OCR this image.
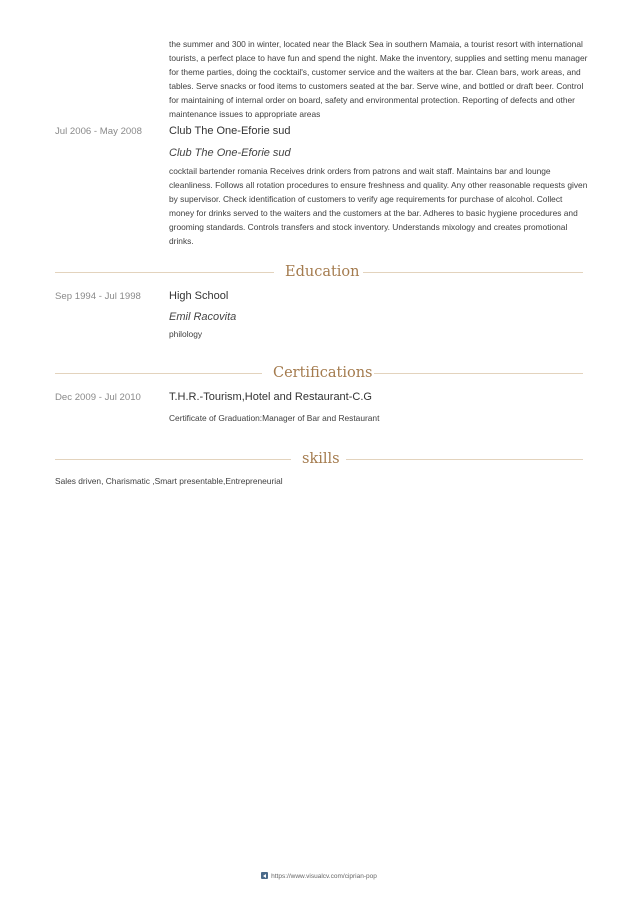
the summer and 300 in winter, located near the Black Sea in southern Mamaia, a tourist resort with international tourists, a perfect place to have fun and spend the night. Make the inventory, supplies and setting menu manager for theme parties, doing the cocktail's, customer service and the waiters at the bar. Clean bars, work areas, and tables. Serve snacks or food items to customers seated at the bar. Serve wine, and bottled or draft beer. Control for maintaining of internal order on board, safety and environmental protection. Reporting of defects and other maintenance issues to appropriate areas
Jul 2006 - May 2008 Club The One-Eforie sud
Club The One-Eforie sud
cocktail bartender romania Receives drink orders from patrons and wait staff. Maintains bar and lounge cleanliness. Follows all rotation procedures to ensure freshness and quality. Any other reasonable requests given by supervisor. Check identification of customers to verify age requirements for purchase of alcohol. Collect money for drinks served to the waiters and the customers at the bar. Adheres to basic hygiene procedures and grooming standards. Controls transfers and stock inventory. Understands mixology and creates promotional drinks.
Education
Sep 1994 - Jul 1998	High School
Emil Racovita
philology
Certifications
Dec 2009 - Jul 2010	T.H.R.-Tourism,Hotel and Restaurant-C.G
Certificate of Graduation:Manager of Bar and Restaurant
skills
Sales driven, Charismatic ,Smart presentable,Entrepreneurial
https://www.visualcv.com/ciprian-pop
